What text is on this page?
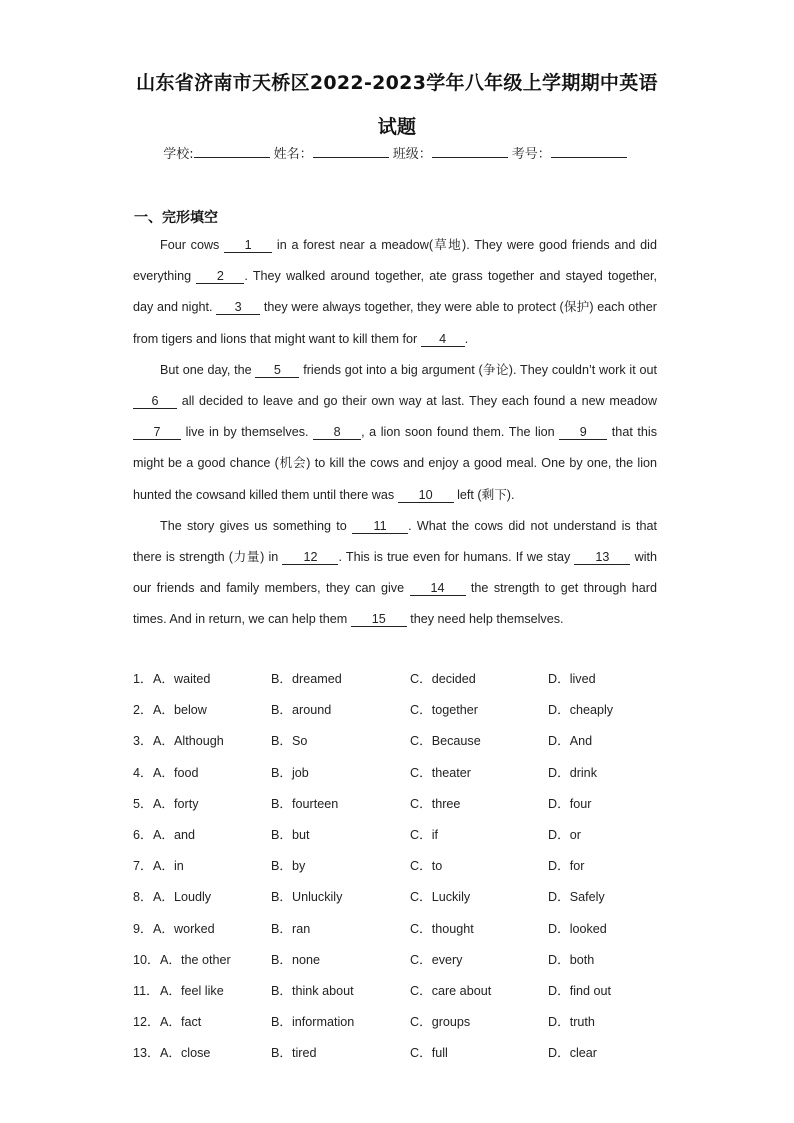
山东省济南市天桥区2022-2023学年八年级上学期期中英语
试题
学校:	姓名：	班级：	考号：
一、完形填空

Four cows 1 in a forest near a meadow(草地). They were good friends and did everything 2 . They walked around together, ate grass together and stayed together, day and night. 3 they were always together, they were able to protect (保护) each other from tigers and lions that might want to kill them for 4 .

But one day, the 5 friends got into a big argument (争论). They couldn’t work it out 6 all decided to leave and go their own way at last. They each found a new meadow 7 live in by themselves. 8 , a lion soon found them. The lion 9 that this might be a good chance (机会) to kill the cows and enjoy a good meal. One by one, the lion hunted the cowsand killed them until there was 10 left (剩下).

The story gives us something to 11 . What the cows did not understand is that there is strength (力量) in 12 . This is true even for humans. If we stay 13 with our friends and family members, they can give 14 the strength to get through hard times. And in return, we can help them 15 they need help themselves.

1． A．waited	B．dreamed	C．decided	D．lived
2． A．below	B．around	C．together	D．cheaply
3． A．Although	B．So	C．Because	D．And
4． A．food	B．job	C．theater	D．drink
5． A．forty	B．fourteen	C．three	D．four
6． A．and	B．but	C．if	D．or
7． A．in	B．by	C．to	D．for
8． A．Loudly	B．Unluckily	C．Luckily	D．Safely
9． A．worked	B．ran	C．thought	D．looked
10． A．the other	B．none	C．every	D．both
11． A．feel like	B．think about	C．care about	D．find out
12． A．fact	B．information	C．groups	D．truth
13． A．close	B．tired	C．full	D．clear
